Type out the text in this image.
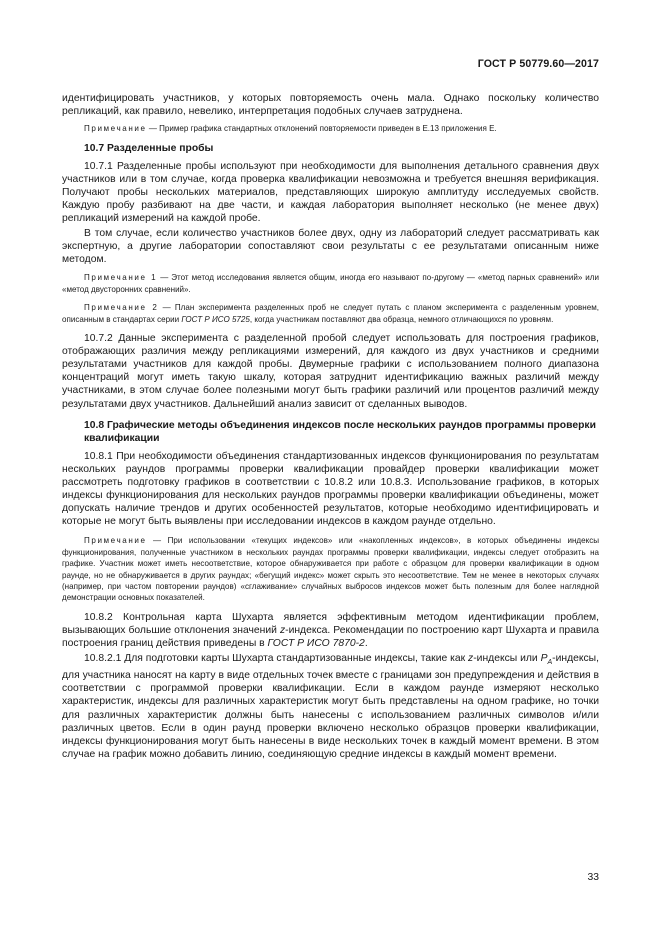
ГОСТ Р 50779.60—2017

идентифицировать участников, у которых повторяемость очень мала. Однако поскольку количество репликаций, как правило, невелико, интерпретация подобных случаев затруднена.

Примечание — Пример графика стандартных отклонений повторяемости приведен в Е.13 приложения Е.

10.7 Разделенные пробы

10.7.1 Разделенные пробы используют при необходимости для выполнения детального сравнения двух участников или в том случае, когда проверка квалификации невозможна и требуется внешняя верификация. Получают пробы нескольких материалов, представляющих широкую амплитуду исследуемых свойств. Каждую пробу разбивают на две части, и каждая лаборатория выполняет несколько (не менее двух) репликаций измерений на каждой пробе.

В том случае, если количество участников более двух, одну из лабораторий следует рассматривать как экспертную, а другие лаборатории сопоставляют свои результаты с ее результатами описанным ниже методом.

Примечание 1 — Этот метод исследования является общим, иногда его называют по-другому — «метод парных сравнений» или «метод двусторонних сравнений».

Примечание 2 — План эксперимента разделенных проб не следует путать с планом эксперимента с разделенным уровнем, описанным в стандартах серии ГОСТ Р ИСО 5725, когда участникам поставляют два образца, немного отличающихся по уровням.

10.7.2 Данные эксперимента с разделенной пробой следует использовать для построения графиков, отображающих различия между репликациями измерений, для каждого из двух участников и средними результатами участников для каждой пробы. Двумерные графики с использованием полного диапазона концентраций могут иметь такую шкалу, которая затруднит идентификацию важных различий между участниками, в этом случае более полезными могут быть графики различий или процентов различий между результатами двух участников. Дальнейший анализ зависит от сделанных выводов.

10.8 Графические методы объединения индексов после нескольких раундов программы проверки квалификации

10.8.1 При необходимости объединения стандартизованных индексов функционирования по результатам нескольких раундов программы проверки квалификации провайдер проверки квалификации может рассмотреть подготовку графиков в соответствии с 10.8.2 или 10.8.3. Использование графиков, в которых индексы функционирования для нескольких раундов программы проверки квалификации объединены, может допускать наличие трендов и других особенностей результатов, которые необходимо идентифицировать и которые не могут быть выявлены при исследовании индексов в каждом раунде отдельно.

Примечание — При использовании «текущих индексов» или «накопленных индексов», в которых объединены индексы функционирования, полученные участником в нескольких раундах программы проверки квалификации, индексы следует отобразить на графике. Участник может иметь несоответствие, которое обнаруживается при работе с образцом для проверки квалификации в одном раунде, но не обнаруживается в других раундах; «бегущий индекс» может скрыть это несоответствие. Тем не менее в некоторых случаях (например, при частом повторении раундов) «сглаживание» случайных выбросов индексов может быть полезным для более наглядной демонстрации основных показателей.

10.8.2 Контрольная карта Шухарта является эффективным методом идентификации проблем, вызывающих большие отклонения значений z-индекса. Рекомендации по построению карт Шухарта и правила построения границ действия приведены в ГОСТ Р ИСО 7870-2.

10.8.2.1 Для подготовки карты Шухарта стандартизованные индексы, такие как z-индексы или $P_A$-индексы, для участника наносят на карту в виде отдельных точек вместе с границами зон предупреждения и действия в соответствии с программой проверки квалификации. Если в каждом раунде измеряют несколько характеристик, индексы для различных характеристик могут быть представлены на одном графике, но точки для различных характеристик должны быть нанесены с использованием различных символов и/или различных цветов. Если в один раунд проверки включено несколько образцов проверки квалификации, индексы функционирования могут быть нанесены в виде нескольких точек в каждый момент времени. В этом случае на график можно добавить линию, соединяющую средние индексы в каждый момент времени.

33
